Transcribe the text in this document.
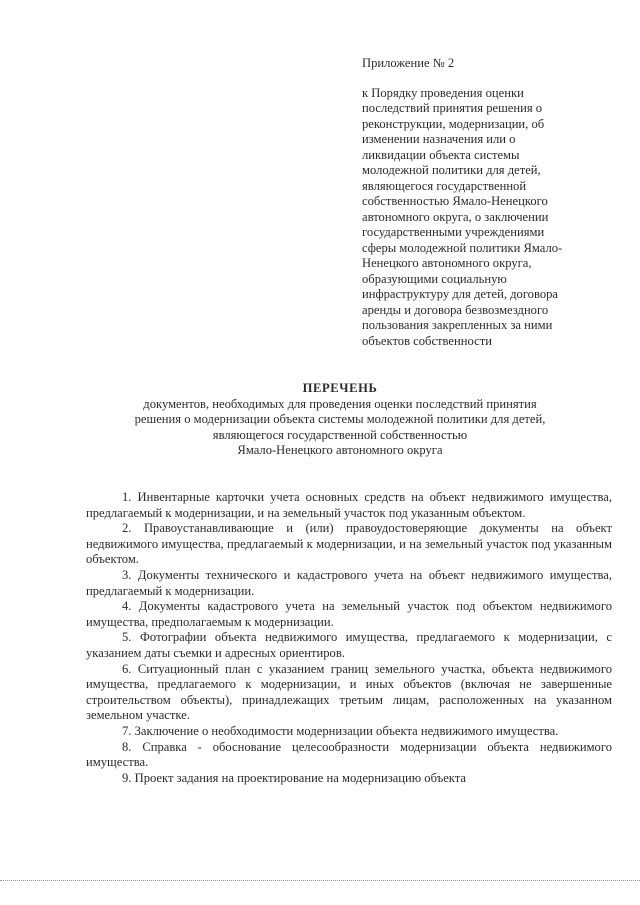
Приложение № 2
к Порядку проведения оценки
последствий принятия решения о
реконструкции, модернизации, об
изменении назначения или о
ликвидации объекта системы
молодежной политики для детей,
являющегося государственной
собственностью Ямало-Ненецкого
автономного округа, о заключении
государственными учреждениями
сферы молодежной политики Ямало-
Ненецкого автономного округа,
образующими социальную
инфраструктуру для детей, договора
аренды и договора безвозмездного
пользования закрепленных за ними
объектов собственности
ПЕРЕЧЕНЬ
документов, необходимых для проведения оценки последствий принятия
решения о модернизации объекта системы молодежной политики для детей,
являющегося государственной собственностью
Ямало-Ненецкого автономного округа

1. Инвентарные карточки учета основных средств на объект недвижимого имущества, предлагаемый к модернизации, и на земельный участок под указанным объектом.

2. Правоустанавливающие и (или) правоудостоверяющие документы на объект недвижимого имущества, предлагаемый к модернизации, и на земельный участок под указанным объектом.

3. Документы технического и кадастрового учета на объект недвижимого имущества, предлагаемый к модернизации.

4. Документы кадастрового учета на земельный участок под объектом недвижимого имущества, предполагаемым к модернизации.

5. Фотографии объекта недвижимого имущества, предлагаемого к модернизации, с указанием даты съемки и адресных ориентиров.

6. Ситуационный план с указанием границ земельного участка, объекта недвижимого имущества, предлагаемого к модернизации, и иных объектов (включая не завершенные строительством объекты), принадлежащих третьим лицам, расположенных на указанном земельном участке.

7. Заключение о необходимости модернизации объекта недвижимого имущества.

8. Справка - обоснование целесообразности модернизации объекта недвижимого имущества.

9. Проект задания на проектирование на модернизацию объекта
